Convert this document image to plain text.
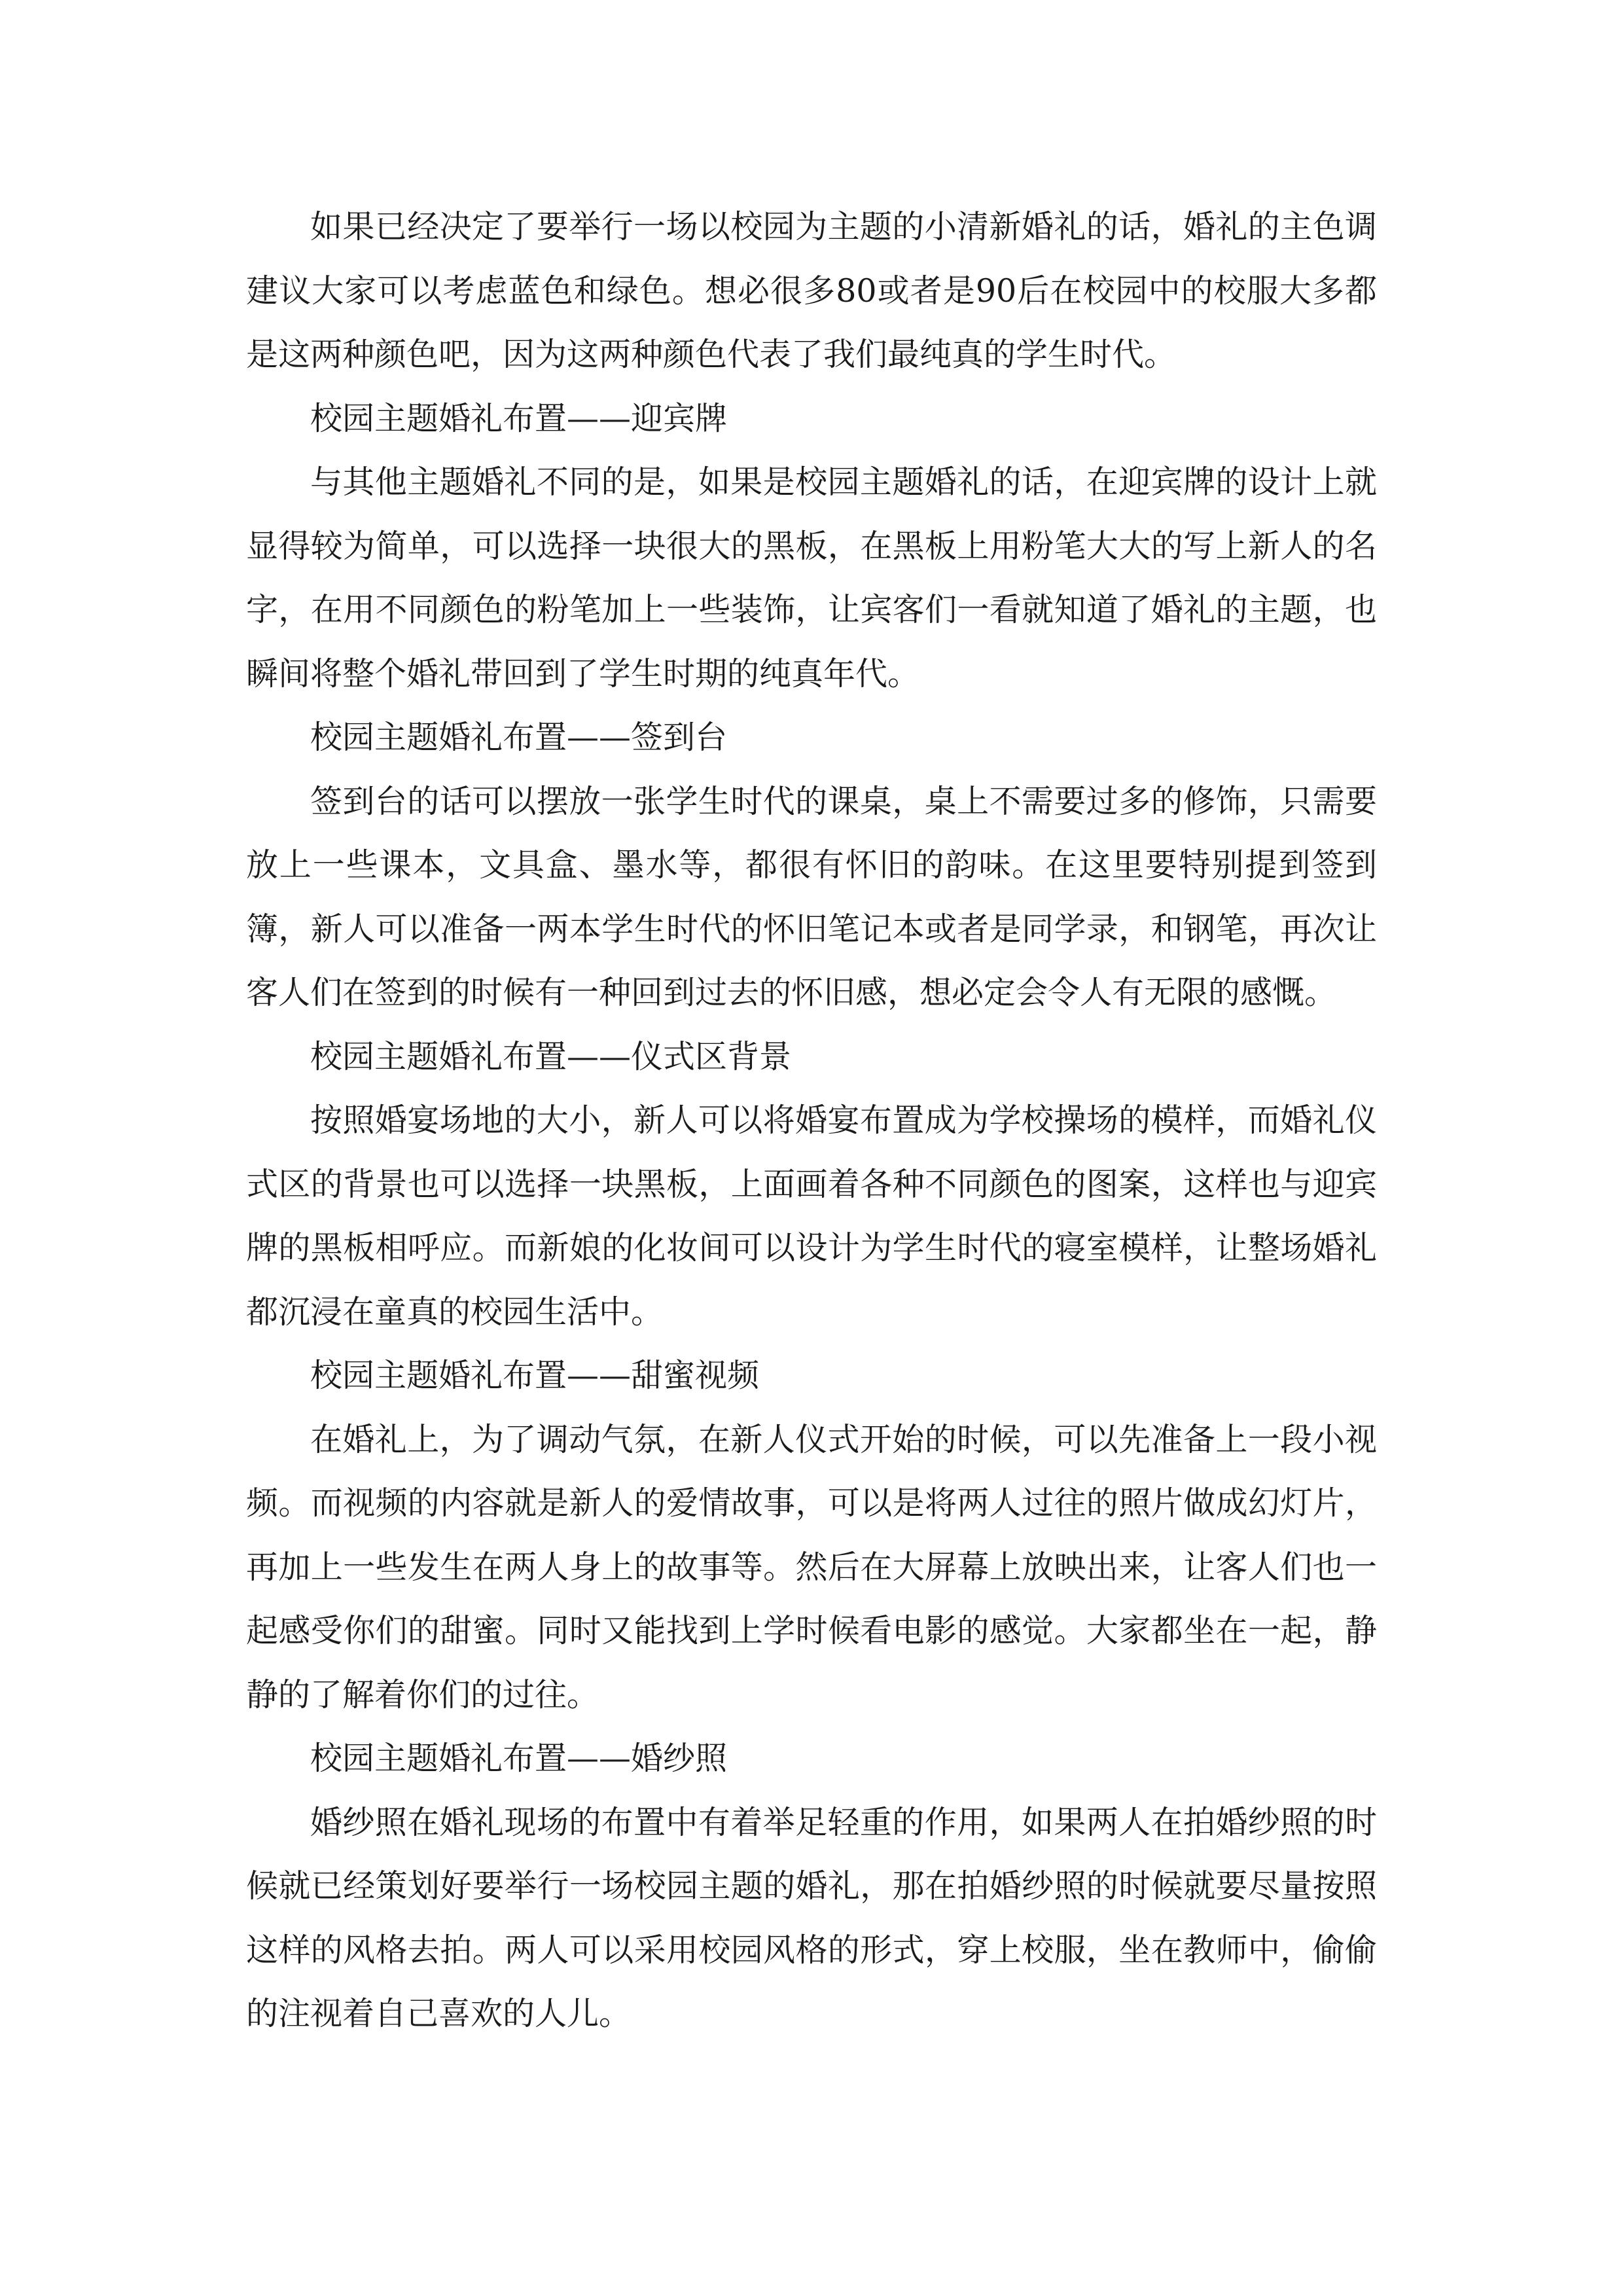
如果已经决定了要举行一场以校园为主题的小清新婚礼的话，婚礼的主色调建议大家可以考虑蓝色和绿色。想必很多80或者是90后在校园中的校服大多都是这两种颜色吧，因为这两种颜色代表了我们最纯真的学生时代。

校园主题婚礼布置——迎宾牌

与其他主题婚礼不同的是，如果是校园主题婚礼的话，在迎宾牌的设计上就显得较为简单，可以选择一块很大的黑板，在黑板上用粉笔大大的写上新人的名字，在用不同颜色的粉笔加上一些装饰，让宾客们一看就知道了婚礼的主题，也瞬间将整个婚礼带回到了学生时期的纯真年代。

校园主题婚礼布置——签到台

签到台的话可以摆放一张学生时代的课桌，桌上不需要过多的修饰，只需要放上一些课本，文具盒、墨水等，都很有怀旧的韵味。在这里要特别提到签到簿，新人可以准备一两本学生时代的怀旧笔记本或者是同学录，和钢笔，再次让客人们在签到的时候有一种回到过去的怀旧感，想必定会令人有无限的感慨。

校园主题婚礼布置——仪式区背景

按照婚宴场地的大小，新人可以将婚宴布置成为学校操场的模样，而婚礼仪式区的背景也可以选择一块黑板，上面画着各种不同颜色的图案，这样也与迎宾牌的黑板相呼应。而新娘的化妆间可以设计为学生时代的寝室模样，让整场婚礼都沉浸在童真的校园生活中。

校园主题婚礼布置——甜蜜视频

在婚礼上，为了调动气氛，在新人仪式开始的时候，可以先准备上一段小视频。而视频的内容就是新人的爱情故事，可以是将两人过往的照片做成幻灯片，再加上一些发生在两人身上的故事等。然后在大屏幕上放映出来，让客人们也一起感受你们的甜蜜。同时又能找到上学时候看电影的感觉。大家都坐在一起，静静的了解着你们的过往。

校园主题婚礼布置——婚纱照

婚纱照在婚礼现场的布置中有着举足轻重的作用，如果两人在拍婚纱照的时候就已经策划好要举行一场校园主题的婚礼，那在拍婚纱照的时候就要尽量按照这样的风格去拍。两人可以采用校园风格的形式，穿上校服，坐在教师中，偷偷的注视着自己喜欢的人儿。
